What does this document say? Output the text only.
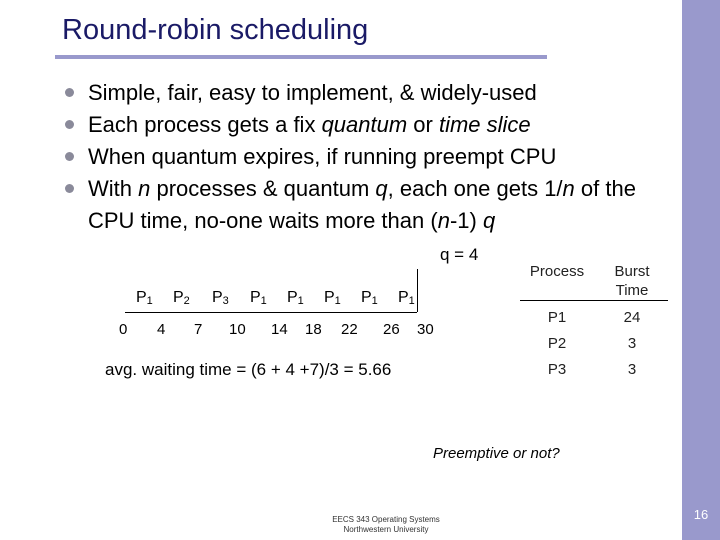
16
Round-robin scheduling
Simple, fair, easy to implement, & widely-used
Each process gets a fix quantum or time slice
When quantum expires, if running preempt CPU
With n processes & quantum q, each one gets 1/n of the CPU time, no-one waits more than (n-1) q
q = 4
$P_1$ $P_2$ $P_3$ $P_1$ $P_1$ $P_1$ $P_1$ $P_1$
0 4 7 10 14 18 22 26 30
avg. waiting time = (6 + 4 +7)/3 = 5.66
Process	Burst Time
P1	24
P2	3
P3	3
Preemptive or not?
EECS 343 Operating Systems
Northwestern University
